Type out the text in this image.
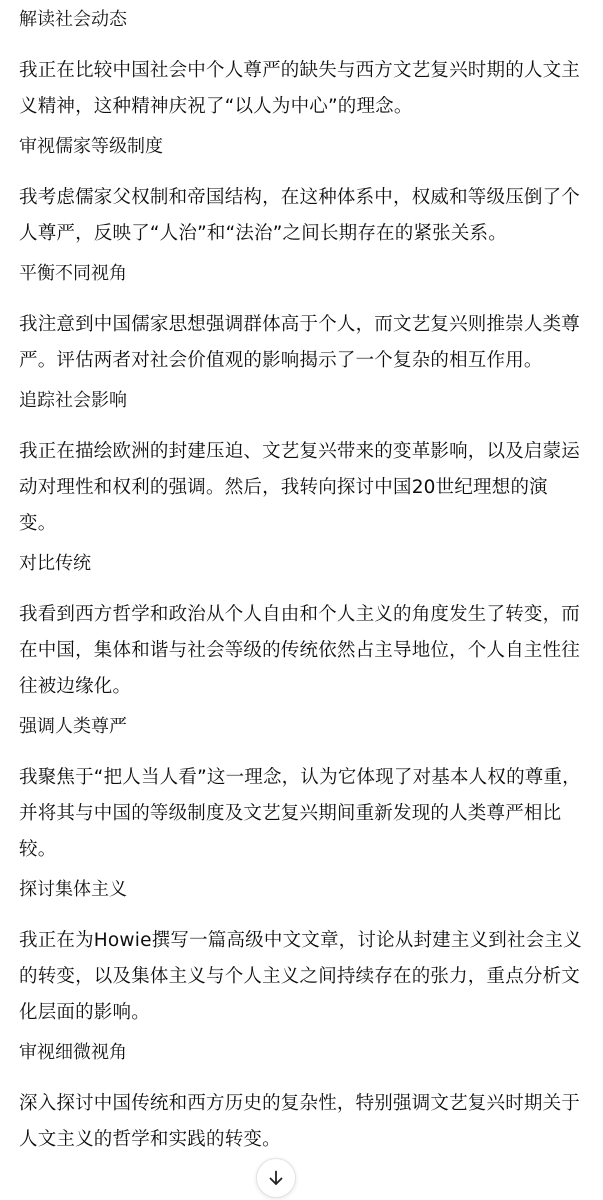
解读社会动态
我正在比较中国社会中个人尊严的缺失与西方文艺复兴时期的人文主义精神，这种精神庆祝了“以人为中心”的理念。
审视儒家等级制度
我考虑儒家父权制和帝国结构，在这种体系中，权威和等级压倒了个人尊严，反映了“人治”和“法治”之间长期存在的紧张关系。
平衡不同视角
我注意到中国儒家思想强调群体高于个人，而文艺复兴则推崇人类尊严。评估两者对社会价值观的影响揭示了一个复杂的相互作用。
追踪社会影响
我正在描绘欧洲的封建压迫、文艺复兴带来的变革影响，以及启蒙运动对理性和权利的强调。然后，我转向探讨中国20世纪理想的演变。
对比传统
我看到西方哲学和政治从个人自由和个人主义的角度发生了转变，而在中国，集体和谐与社会等级的传统依然占主导地位，个人自主性往往被边缘化。
强调人类尊严
我聚焦于“把人当人看”这一理念，认为它体现了对基本人权的尊重，并将其与中国的等级制度及文艺复兴期间重新发现的人类尊严相比较。
探讨集体主义
我正在为Howie撰写一篇高级中文文章，讨论从封建主义到社会主义的转变，以及集体主义与个人主义之间持续存在的张力，重点分析文化层面的影响。
审视细微视角
深入探讨中国传统和西方历史的复杂性，特别强调文艺复兴时期关于人文主义的哲学和实践的转变。
